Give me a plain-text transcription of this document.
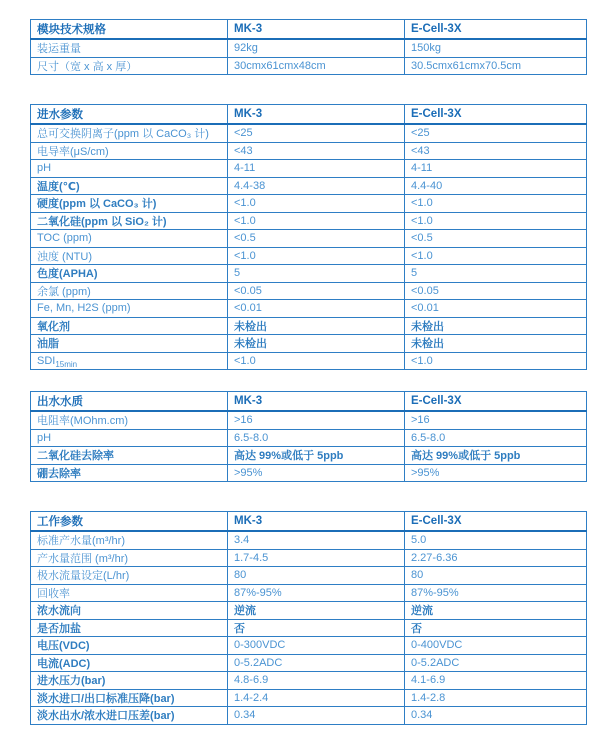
模块技术规格	MK-3	E-Cell-3X
装运重量	92kg	150kg
尺寸（宽 x 高 x 厚）	30cmx61cmx48cm	30.5cmx61cmx70.5cm
进水参数	MK-3	E-Cell-3X
总可交换阴离子(ppm 以 CaCO₃ 计)	<25	<25
电导率(μS/cm)	<43	<43
pH	4-11	4-11
温度(℃)	4.4-38	4.4-40
硬度(ppm 以 CaCO₃ 计)	<1.0	<1.0
二氧化硅(ppm 以 SiO₂ 计)	<1.0	<1.0
TOC (ppm)	<0.5	<0.5
浊度 (NTU)	<1.0	<1.0
色度(APHA)	5	5
余氯 (ppm)	<0.05	<0.05
Fe, Mn, H2S (ppm)	<0.01	<0.01
氧化剂	未检出	未检出
油脂	未检出	未检出
$SDI_{15min}$	<1.0	<1.0
出水水质	MK-3	E-Cell-3X
电阻率(MOhm.cm)	>16	>16
pH	6.5-8.0	6.5-8.0
二氧化硅去除率	高达 99%或低于 5ppb	高达 99%或低于 5ppb
硼去除率	>95%	>95%
工作参数	MK-3	E-Cell-3X
标准产水量(m³/hr)	3.4	5.0
产水量范围 (m³/hr)	1.7-4.5	2.27-6.36
极水流量设定(L/hr)	80	80
回收率	87%-95%	87%-95%
浓水流向	逆流	逆流
是否加盐	否	否
电压(VDC)	0-300VDC	0-400VDC
电流(ADC)	0-5.2ADC	0-5.2ADC
进水压力(bar)	4.8-6.9	4.1-6.9
淡水进口/出口标准压降(bar)	1.4-2.4	1.4-2.8
淡水出水/浓水进口压差(bar)	0.34	0.34
